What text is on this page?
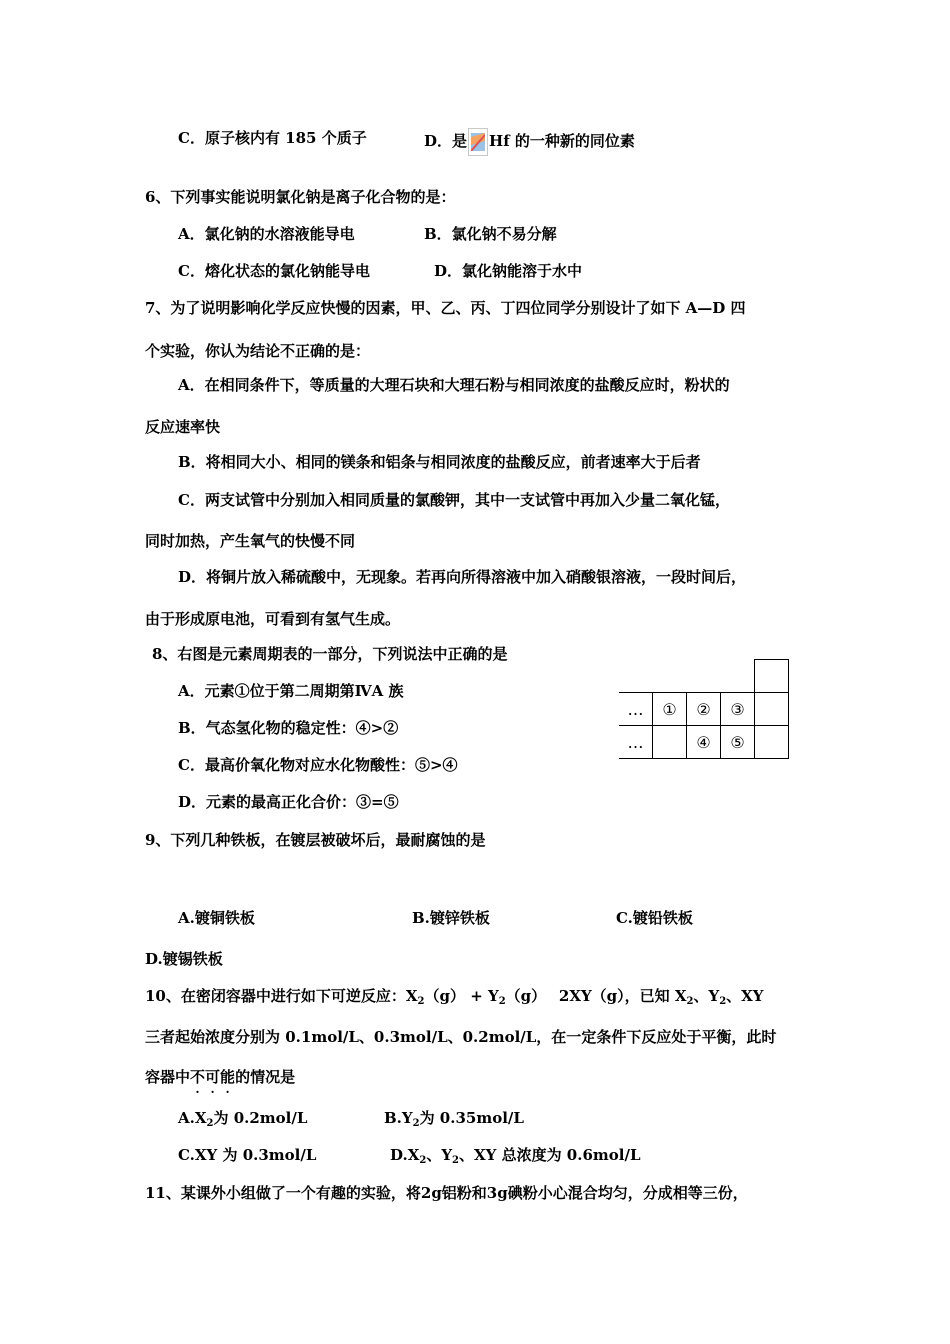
C．原子核内有 185 个质子	D．是 Hf 的一种新的同位素
6、下列事实能说明氯化钠是离子化合物的是：
A．氯化钠的水溶液能导电	B．氯化钠不易分解
C．熔化状态的氯化钠能导电	D．氯化钠能溶于水中
7、为了说明影响化学反应快慢的因素，甲、乙、丙、丁四位同学分别设计了如下 A—D 四
个实验，你认为结论不正确的是：
A．在相同条件下，等质量的大理石块和大理石粉与相同浓度的盐酸反应时，粉状的
反应速率快
B．将相同大小、相同的镁条和铝条与相同浓度的盐酸反应，前者速率大于后者
C．两支试管中分别加入相同质量的氯酸钾，其中一支试管中再加入少量二氧化锰，
同时加热，产生氧气的快慢不同
D．将铜片放入稀硫酸中，无现象。若再向所得溶液中加入硝酸银溶液，一段时间后，
由于形成原电池，可看到有氢气生成。
8、右图是元素周期表的一部分，下列说法中正确的是
A．元素①位于第二周期第ⅣA 族
B．气态氢化物的稳定性：④>②
C．最高价氧化物对应水化物酸性：⑤>④
D．元素的最高正化合价：③=⑤

…	①	②	③	
…		④	⑤	
9、下列几种铁板，在镀层被破坏后，最耐腐蚀的是
A.镀铜铁板	B.镀锌铁板	C.镀铅铁板
D.镀锡铁板
10、在密闭容器中进行如下可逆反应：$X_2(g) + Y_2(g)$　 2XY（g），已知 $X_2$、$Y_2$、XY
三者起始浓度分别为 0.1mol/L、0.3mol/L、0.2mol/L，在一定条件下反应处于平衡，此时
容器中不可能的情况是
$A.X_2$为 0.2mol/L	$B.Y_2$为 0.35mol/L
C.XY 为 0.3mol/L	$D.X_2$、$Y_2$、XY 总浓度为 0.6mol/L
11、某课外小组做了一个有趣的实验，将2g铝粉和3g碘粉小心混合均匀，分成相等三份，
